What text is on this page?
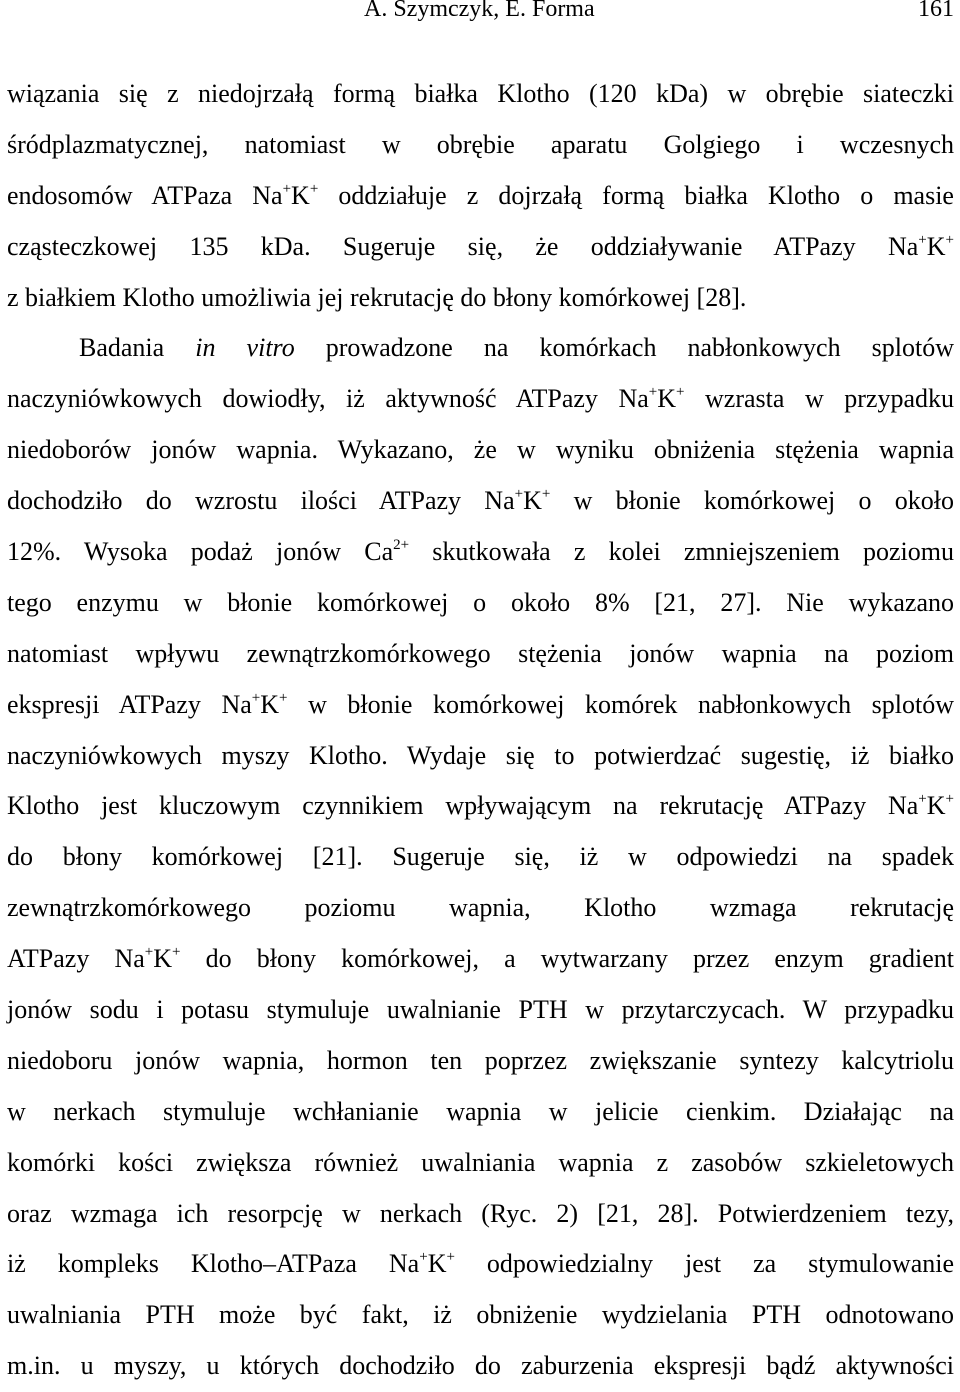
A. Szymczyk, E. Forma	161
wiązania się z niedojrzałą formą białka Klotho (120 kDa) w obrębie siateczki
śródplazmatycznej, natomiast w obrębie aparatu Golgiego i wczesnych
endosomów ATPaza Na+K+ oddziałuje z dojrzałą formą białka Klotho o masie
cząsteczkowej 135 kDa. Sugeruje się, że oddziaływanie ATPazy Na+K+
z białkiem Klotho umożliwia jej rekrutację do błony komórkowej [28].
Badania in vitro prowadzone na komórkach nabłonkowych splotów
naczyniówkowych dowiodły, iż aktywność ATPazy Na+K+ wzrasta w przypadku
niedoborów jonów wapnia. Wykazano, że w wyniku obniżenia stężenia wapnia
dochodziło do wzrostu ilości ATPazy Na+K+ w błonie komórkowej o około
12%. Wysoka podaż jonów $Ca^{2+}$ skutkowała z kolei zmniejszeniem poziomu
tego enzymu w błonie komórkowej o około 8% [21, 27]. Nie wykazano
natomiast wpływu zewnątrzkomórkowego stężenia jonów wapnia na poziom
ekspresji ATPazy Na+K+ w błonie komórkowej komórek nabłonkowych splotów
naczyniówkowych myszy Klotho. Wydaje się to potwierdzać sugestię, iż białko
Klotho jest kluczowym czynnikiem wpływającym na rekrutację ATPazy Na+K+
do błony komórkowej [21]. Sugeruje się, iż w odpowiedzi na spadek
zewnątrzkomórkowego poziomu wapnia, Klotho wzmaga rekrutację
ATPazy Na+K+ do błony komórkowej, a wytwarzany przez enzym gradient
jonów sodu i potasu stymuluje uwalnianie PTH w przytarczycach. W przypadku
niedoboru jonów wapnia, hormon ten poprzez zwiększanie syntezy kalcytriolu
w nerkach stymuluje wchłanianie wapnia w jelicie cienkim. Działając na
komórki kości zwiększa również uwalniania wapnia z zasobów szkieletowych
oraz wzmaga ich resorpcję w nerkach (Ryc. 2) [21, 28]. Potwierdzeniem tezy,
iż kompleks Klotho–ATPaza Na+K+ odpowiedzialny jest za stymulowanie
uwalniania PTH może być fakt, iż obniżenie wydzielania PTH odnotowano
m.in. u myszy, u których dochodziło do zaburzenia ekspresji bądź aktywności
